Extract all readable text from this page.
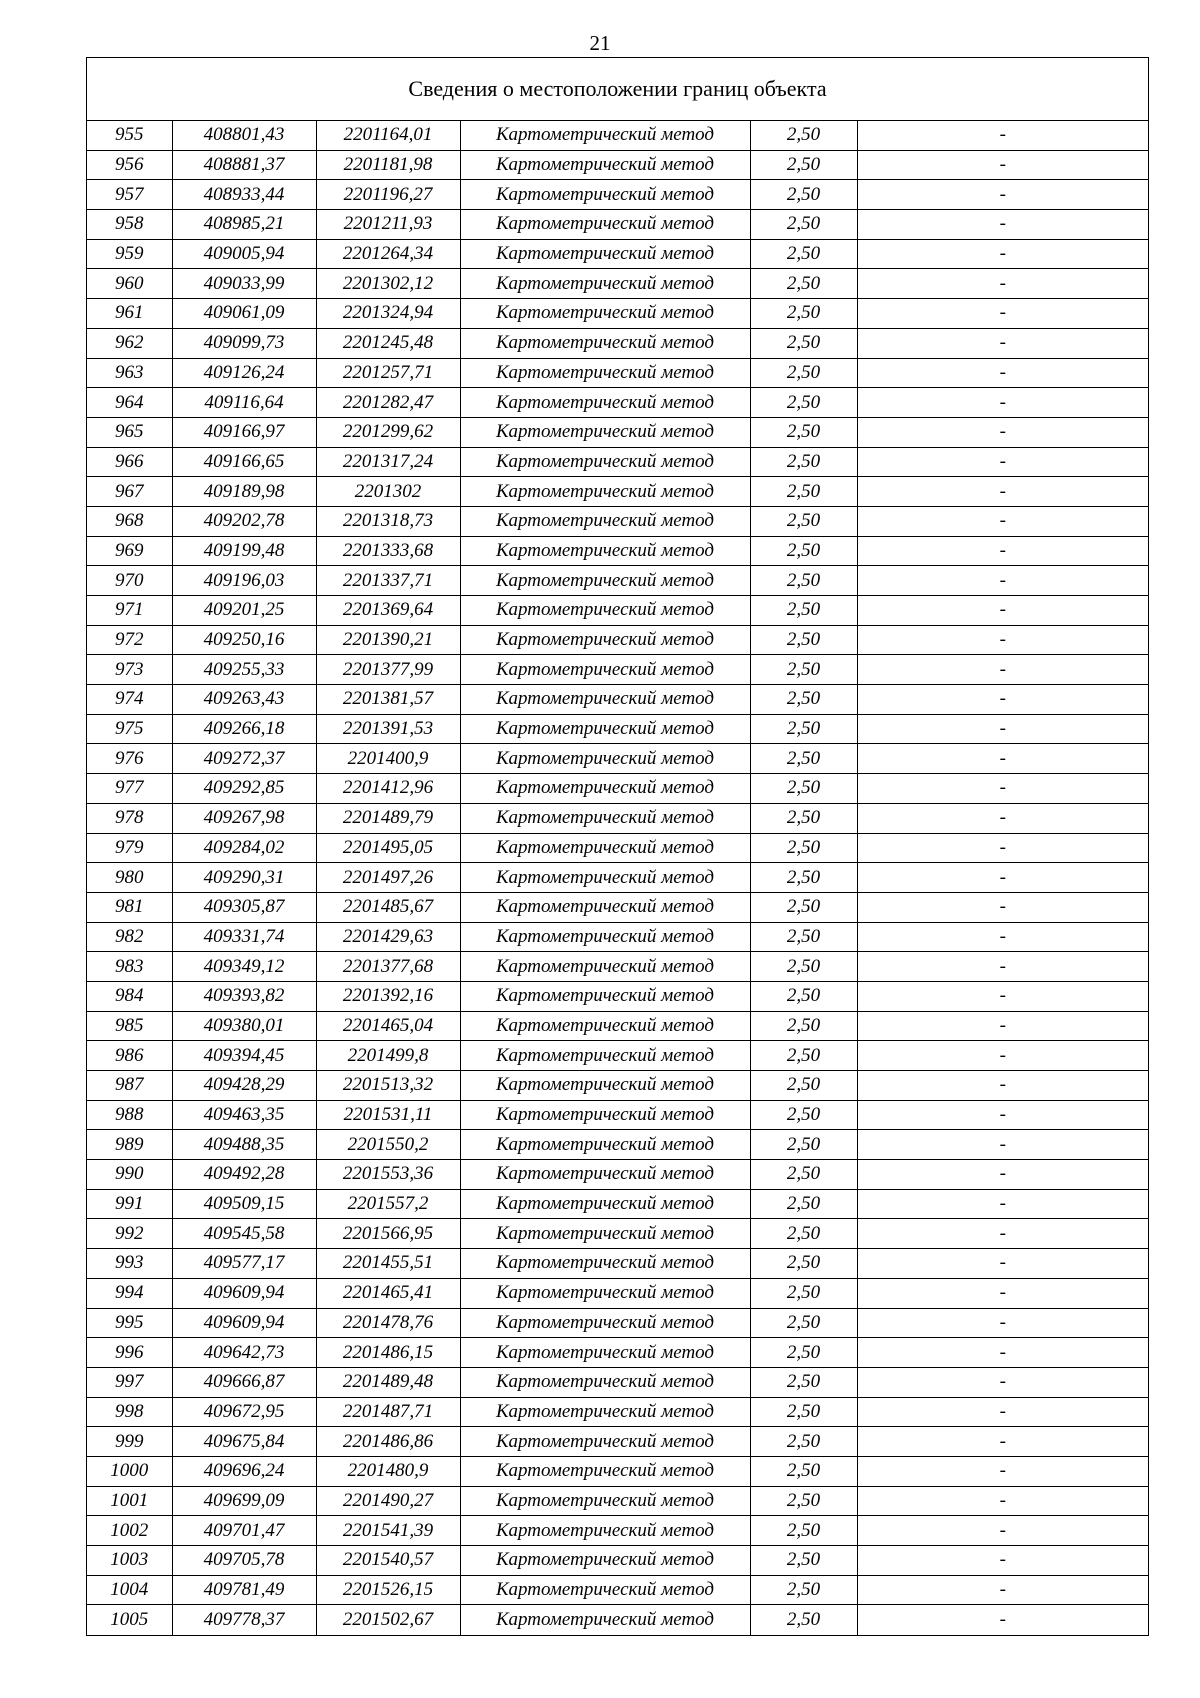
21
Сведения о местоположении границ объекта					
955	408801,43	2201164,01	Картометрический метод	2,50	-
956	408881,37	2201181,98	Картометрический метод	2,50	-
957	408933,44	2201196,27	Картометрический метод	2,50	-
958	408985,21	2201211,93	Картометрический метод	2,50	-
959	409005,94	2201264,34	Картометрический метод	2,50	-
960	409033,99	2201302,12	Картометрический метод	2,50	-
961	409061,09	2201324,94	Картометрический метод	2,50	-
962	409099,73	2201245,48	Картометрический метод	2,50	-
963	409126,24	2201257,71	Картометрический метод	2,50	-
964	409116,64	2201282,47	Картометрический метод	2,50	-
965	409166,97	2201299,62	Картометрический метод	2,50	-
966	409166,65	2201317,24	Картометрический метод	2,50	-
967	409189,98	2201302	Картометрический метод	2,50	-
968	409202,78	2201318,73	Картометрический метод	2,50	-
969	409199,48	2201333,68	Картометрический метод	2,50	-
970	409196,03	2201337,71	Картометрический метод	2,50	-
971	409201,25	2201369,64	Картометрический метод	2,50	-
972	409250,16	2201390,21	Картометрический метод	2,50	-
973	409255,33	2201377,99	Картометрический метод	2,50	-
974	409263,43	2201381,57	Картометрический метод	2,50	-
975	409266,18	2201391,53	Картометрический метод	2,50	-
976	409272,37	2201400,9	Картометрический метод	2,50	-
977	409292,85	2201412,96	Картометрический метод	2,50	-
978	409267,98	2201489,79	Картометрический метод	2,50	-
979	409284,02	2201495,05	Картометрический метод	2,50	-
980	409290,31	2201497,26	Картометрический метод	2,50	-
981	409305,87	2201485,67	Картометрический метод	2,50	-
982	409331,74	2201429,63	Картометрический метод	2,50	-
983	409349,12	2201377,68	Картометрический метод	2,50	-
984	409393,82	2201392,16	Картометрический метод	2,50	-
985	409380,01	2201465,04	Картометрический метод	2,50	-
986	409394,45	2201499,8	Картометрический метод	2,50	-
987	409428,29	2201513,32	Картометрический метод	2,50	-
988	409463,35	2201531,11	Картометрический метод	2,50	-
989	409488,35	2201550,2	Картометрический метод	2,50	-
990	409492,28	2201553,36	Картометрический метод	2,50	-
991	409509,15	2201557,2	Картометрический метод	2,50	-
992	409545,58	2201566,95	Картометрический метод	2,50	-
993	409577,17	2201455,51	Картометрический метод	2,50	-
994	409609,94	2201465,41	Картометрический метод	2,50	-
995	409609,94	2201478,76	Картометрический метод	2,50	-
996	409642,73	2201486,15	Картометрический метод	2,50	-
997	409666,87	2201489,48	Картометрический метод	2,50	-
998	409672,95	2201487,71	Картометрический метод	2,50	-
999	409675,84	2201486,86	Картометрический метод	2,50	-
1000	409696,24	2201480,9	Картометрический метод	2,50	-
1001	409699,09	2201490,27	Картометрический метод	2,50	-
1002	409701,47	2201541,39	Картометрический метод	2,50	-
1003	409705,78	2201540,57	Картометрический метод	2,50	-
1004	409781,49	2201526,15	Картометрический метод	2,50	-
1005	409778,37	2201502,67	Картометрический метод	2,50	-
